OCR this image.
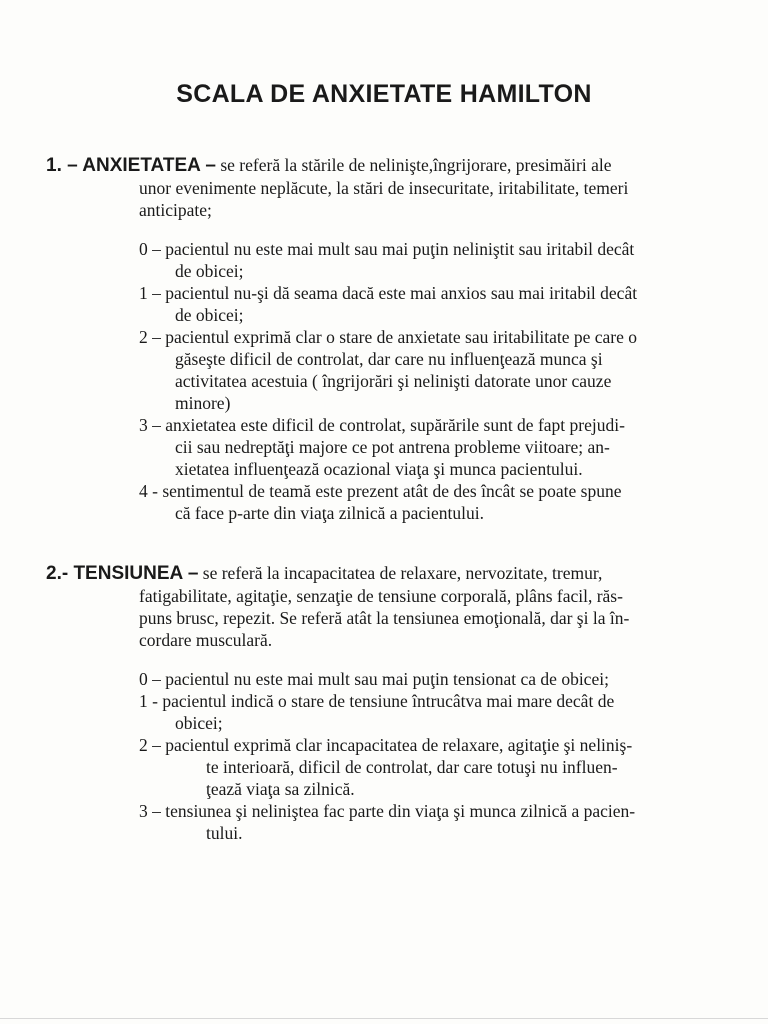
SCALA DE ANXIETATE HAMILTON
1. – ANXIETATEA – se referă la stările de nelinişte,îngrijorare, presimăiri ale
unor evenimente neplăcute, la stări de insecuritate, iritabilitate, temeri
anticipate;
0 – pacientul nu este mai mult sau mai puţin neliniştit sau iritabil decât
de obicei;
1 – pacientul nu-şi dă seama dacă este mai anxios sau mai iritabil decât
de obicei;
2 – pacientul exprimă clar o stare de anxietate sau iritabilitate pe care o
găseşte dificil de controlat, dar care nu influenţează munca şi
activitatea acestuia ( îngrijorări şi nelinişti datorate unor cauze
minore)
3 – anxietatea este dificil de controlat, supărările sunt de fapt prejudi-
cii sau nedreptăţi majore ce pot antrena probleme viitoare; an-
xietatea influenţează ocazional viaţa şi munca pacientului.
4 - sentimentul de teamă este prezent atât de des încât se poate spune
că face p-arte din viaţa zilnică a pacientului.
2.- TENSIUNEA – se referă la incapacitatea de relaxare, nervozitate, tremur,
fatigabilitate, agitaţie, senzaţie de tensiune corporală, plâns facil, răs-
puns brusc, repezit. Se referă atât la tensiunea emoţională, dar şi la în-
cordare musculară.
0 – pacientul nu este mai mult sau mai puţin tensionat ca de obicei;
1 - pacientul indică o stare de tensiune întrucâtva mai mare decât de
obicei;
2 – pacientul exprimă clar incapacitatea de relaxare, agitaţie şi neliniş-
te interioară, dificil de controlat, dar care totuşi nu influen-
ţează viaţa sa zilnică.
3 – tensiunea şi neliniştea fac parte din viaţa şi munca zilnică a pacien-
tului.
